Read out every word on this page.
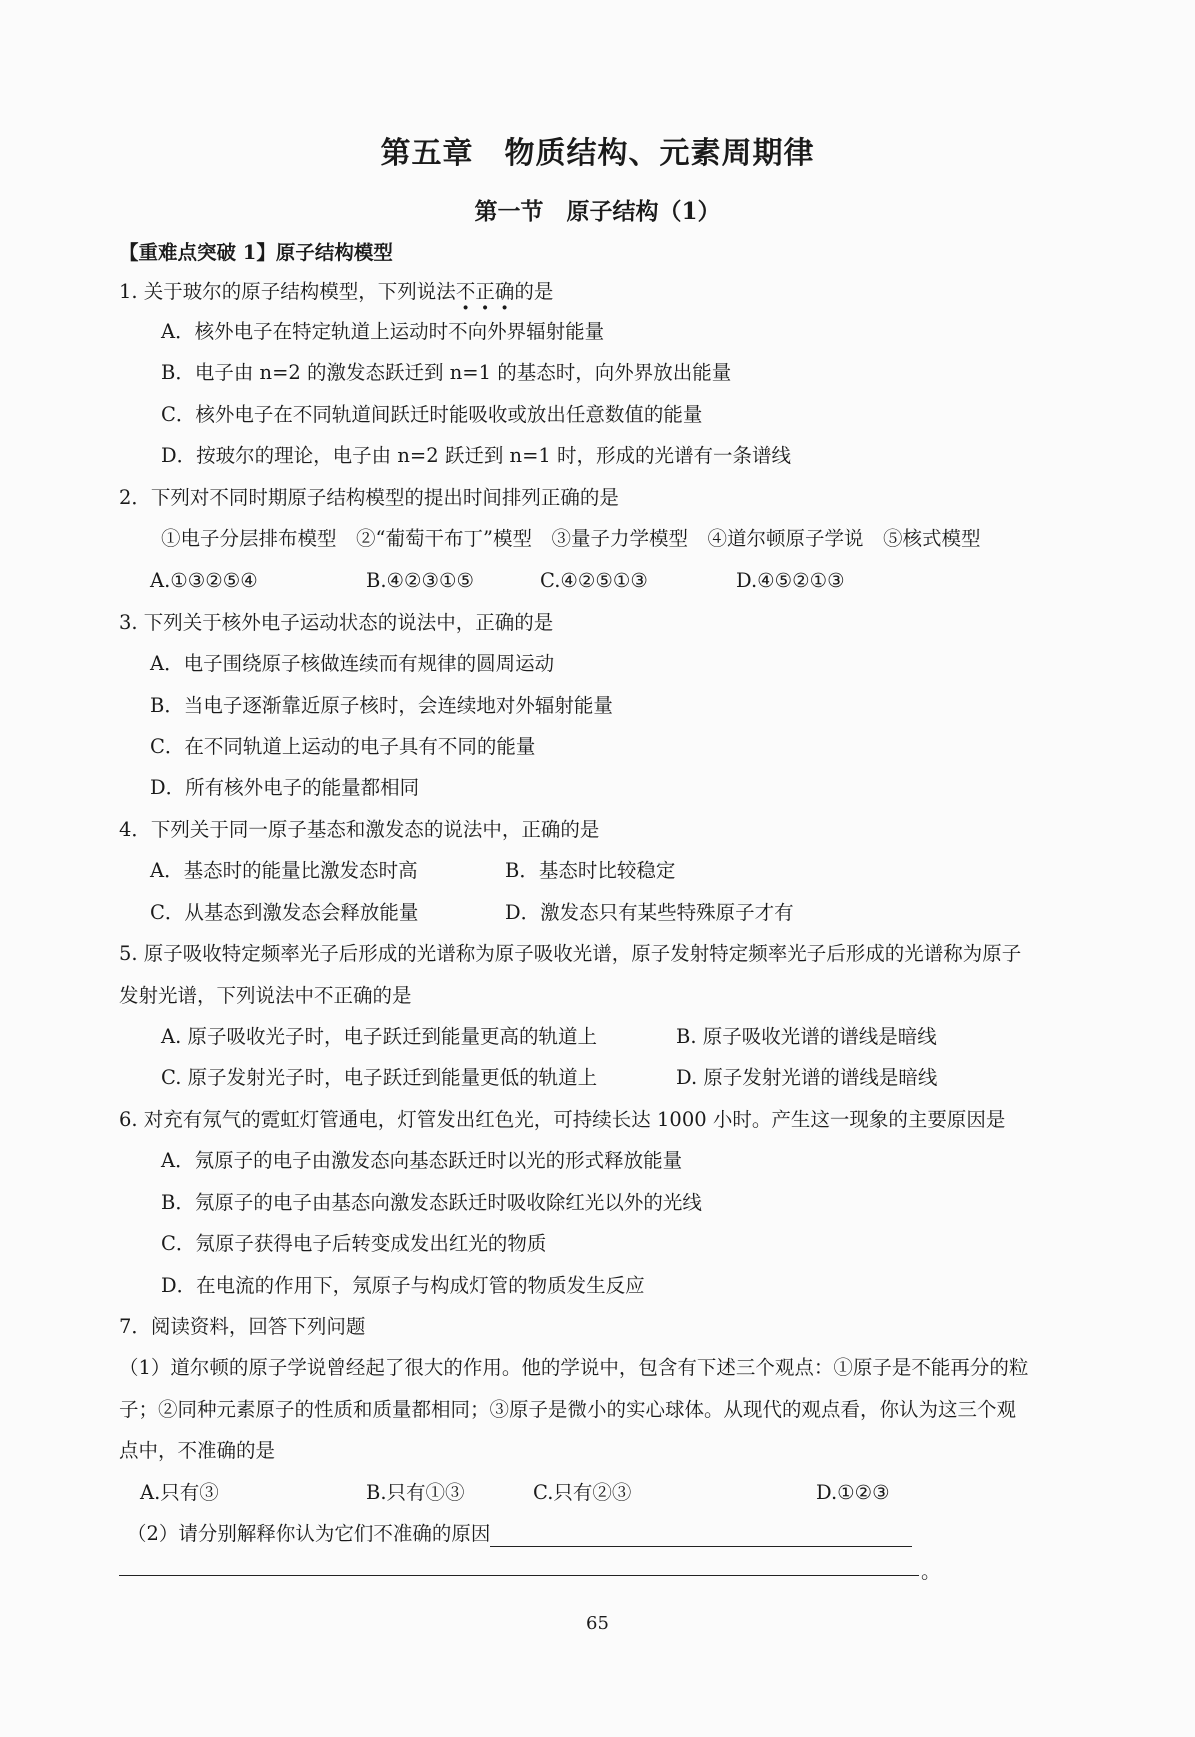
第五章　物质结构、元素周期律
第一节　原子结构（1）
【重难点突破 1】原子结构模型
1. 关于玻尔的原子结构模型，下列说法不正确的是
A．核外电子在特定轨道上运动时不向外界辐射能量
B．电子由 n=2 的激发态跃迁到 n=1 的基态时，向外界放出能量
C．核外电子在不同轨道间跃迁时能吸收或放出任意数值的能量
D．按玻尔的理论，电子由 n=2 跃迁到 n=1 时，形成的光谱有一条谱线
2．下列对不同时期原子结构模型的提出时间排列正确的是
①电子分层排布模型　②“葡萄干布丁”模型　③量子力学模型　④道尔顿原子学说　⑤核式模型
A.①③②⑤④	B.④②③①⑤	C.④②⑤①③	D.④⑤②①③
3. 下列关于核外电子运动状态的说法中，正确的是
A．电子围绕原子核做连续而有规律的圆周运动
B．当电子逐渐靠近原子核时，会连续地对外辐射能量
C．在不同轨道上运动的电子具有不同的能量
D．所有核外电子的能量都相同
4．下列关于同一原子基态和激发态的说法中，正确的是
A．基态时的能量比激发态时高	B．基态时比较稳定
C．从基态到激发态会释放能量	D．激发态只有某些特殊原子才有
5. 原子吸收特定频率光子后形成的光谱称为原子吸收光谱，原子发射特定频率光子后形成的光谱称为原子
发射光谱，下列说法中不正确的是
A. 原子吸收光子时，电子跃迁到能量更高的轨道上	B. 原子吸收光谱的谱线是暗线
C. 原子发射光子时，电子跃迁到能量更低的轨道上	D. 原子发射光谱的谱线是暗线
6. 对充有氖气的霓虹灯管通电，灯管发出红色光，可持续长达 1000 小时。产生这一现象的主要原因是
A．氖原子的电子由激发态向基态跃迁时以光的形式释放能量
B．氖原子的电子由基态向激发态跃迁时吸收除红光以外的光线
C．氖原子获得电子后转变成发出红光的物质
D．在电流的作用下，氖原子与构成灯管的物质发生反应
7．阅读资料，回答下列问题
（1）道尔顿的原子学说曾经起了很大的作用。他的学说中，包含有下述三个观点：①原子是不能再分的粒
子；②同种元素原子的性质和质量都相同；③原子是微小的实心球体。从现代的观点看，你认为这三个观
点中，不准确的是
A.只有③	B.只有①③	C.只有②③	D.①②③
（2）请分别解释你认为它们不准确的原因
。
65
